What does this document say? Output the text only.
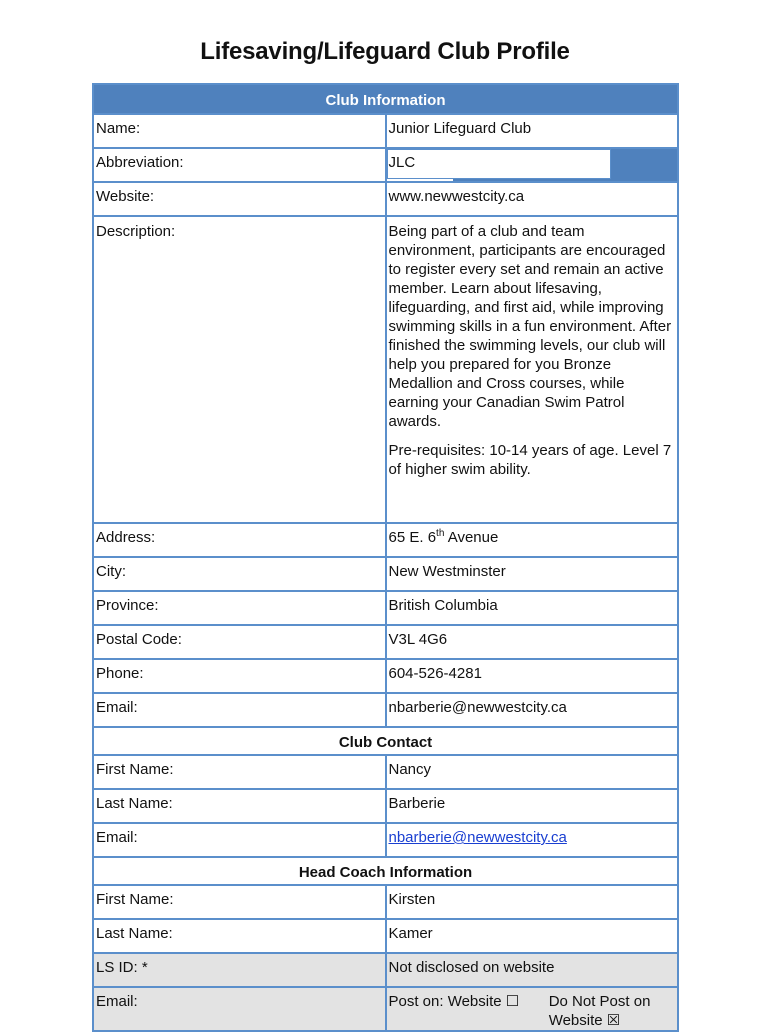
Lifesaving/Lifeguard Club Profile
Club Information	
Name:	Junior Lifeguard Club
Abbreviation:	JLC
Website:	www.newwestcity.ca
Description:	Being part of a club and team environment, participants are encouraged to register every set and remain an active member. Learn about lifesaving, lifeguarding, and first aid, while improving swimming skills in a fun environment. After finished the swimming levels, our club will help you prepared for you Bronze Medallion and Cross courses, while earning your Canadian Swim Patrol awards.

Pre-requisites: 10-14 years of age. Level 7 of higher swim ability.

Address:	65 E. 6th Avenue
City:	New Westminster
Province:	British Columbia
Postal Code:	V3L 4G6
Phone:	604-526-4281
Email:	nbarberie@newwestcity.ca
Club Contact	
First Name:	Nancy
Last Name:	Barberie
Email:	nbarberie@newwestcity.ca
Head Coach Information	
First Name:	Kirsten
Last Name:	Kamer
LS ID: *	Not disclosed on website
Email:	Post on: Website ☐ Do Not Post on Website ☒
